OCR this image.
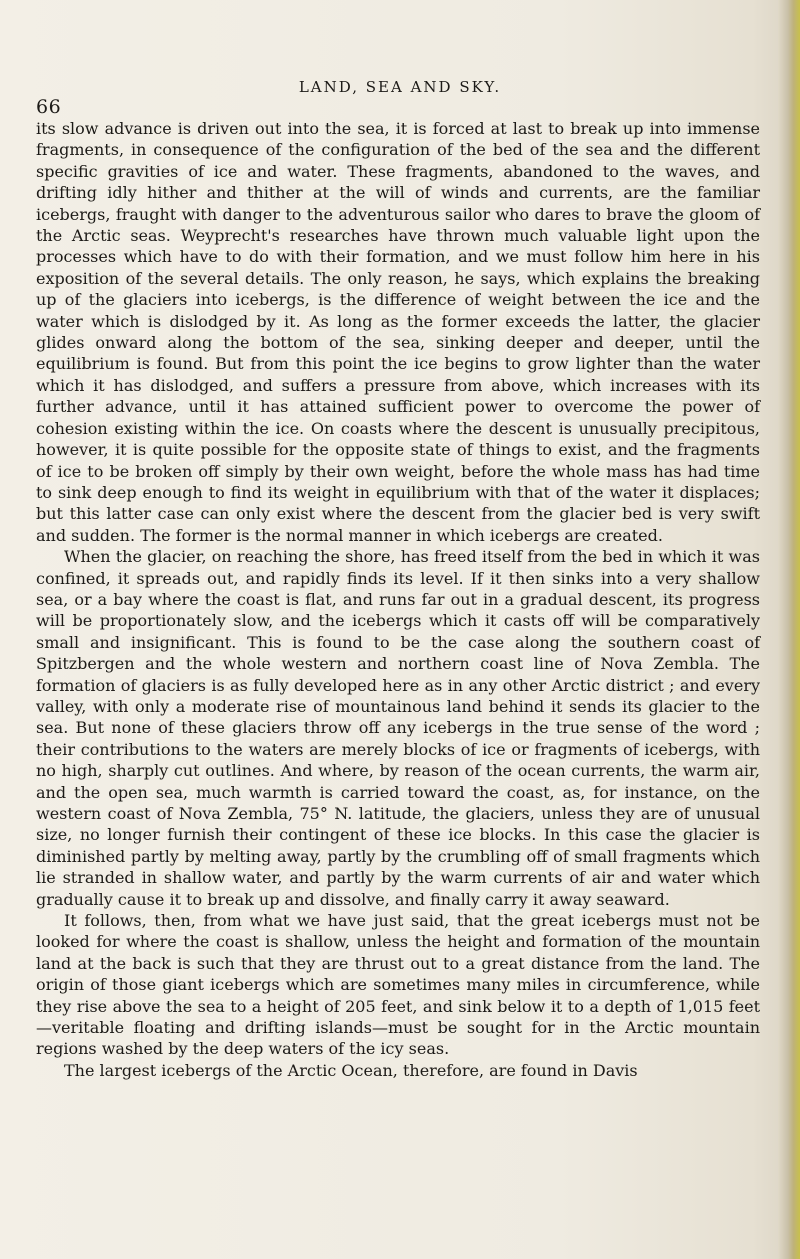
LAND, SEA AND SKY.
66

its slow advance is driven out into the sea, it is forced at last to break up into immense fragments, in consequence of the configuration of the bed of the sea and the different specific gravities of ice and water. These fragments, abandoned to the waves, and drifting idly hither and thither at the will of winds and currents, are the familiar icebergs, fraught with danger to the adventurous sailor who dares to brave the gloom of the Arctic seas. Weyprecht's researches have thrown much valuable light upon the processes which have to do with their formation, and we must follow him here in his exposition of the several details. The only reason, he says, which explains the breaking up of the glaciers into icebergs, is the difference of weight between the ice and the water which is dislodged by it. As long as the former exceeds the latter, the glacier glides onward along the bottom of the sea, sinking deeper and deeper, until the equilibrium is found. But from this point the ice begins to grow lighter than the water which it has dislodged, and suffers a pressure from above, which increases with its further advance, until it has attained sufficient power to overcome the power of cohesion existing within the ice. On coasts where the descent is unusually precipitous, however, it is quite possible for the opposite state of things to exist, and the fragments of ice to be broken off simply by their own weight, before the whole mass has had time to sink deep enough to find its weight in equilibrium with that of the water it displaces; but this latter case can only exist where the descent from the glacier bed is very swift and sudden. The former is the normal manner in which icebergs are created.

When the glacier, on reaching the shore, has freed itself from the bed in which it was confined, it spreads out, and rapidly finds its level. If it then sinks into a very shallow sea, or a bay where the coast is flat, and runs far out in a gradual descent, its progress will be proportionately slow, and the icebergs which it casts off will be comparatively small and insignificant. This is found to be the case along the southern coast of Spitzbergen and the whole western and northern coast line of Nova Zembla. The formation of glaciers is as fully developed here as in any other Arctic district ; and every valley, with only a moderate rise of mountainous land behind it sends its glacier to the sea. But none of these glaciers throw off any icebergs in the true sense of the word ; their contributions to the waters are merely blocks of ice or fragments of icebergs, with no high, sharply cut outlines. And where, by reason of the ocean currents, the warm air, and the open sea, much warmth is carried toward the coast, as, for instance, on the western coast of Nova Zembla, 75° N. latitude, the glaciers, unless they are of unusual size, no longer furnish their contingent of these ice blocks. In this case the glacier is diminished partly by melting away, partly by the crumbling off of small fragments which lie stranded in shallow water, and partly by the warm currents of air and water which gradually cause it to break up and dissolve, and finally carry it away seaward.

It follows, then, from what we have just said, that the great icebergs must not be looked for where the coast is shallow, unless the height and formation of the mountain land at the back is such that they are thrust out to a great distance from the land. The origin of those giant icebergs which are sometimes many miles in circumference, while they rise above the sea to a height of 205 feet, and sink below it to a depth of 1,015 feet—veritable floating and drifting islands—must be sought for in the Arctic mountain regions washed by the deep waters of the icy seas.

The largest icebergs of the Arctic Ocean, therefore, are found in Davis
